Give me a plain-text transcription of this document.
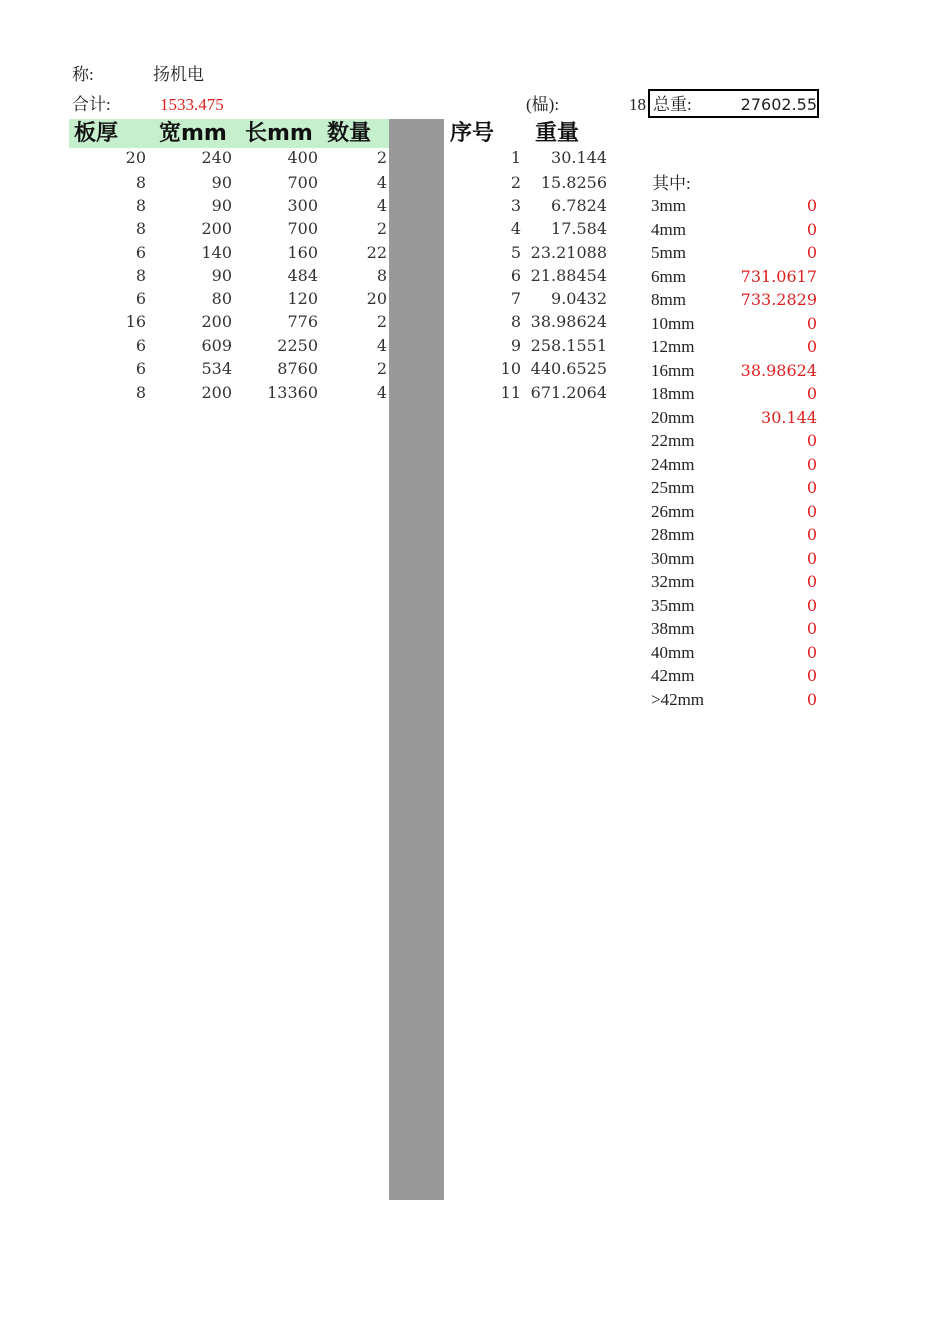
称:	扬机电
合计:	1533.475	(榀):	18 总重:	27602.55
板厚 宽mm 长mm 数量	序号 重量
20	240	400	2	1	30.144
8	90	700	4	2	15.8256
8	90	300	4	3	6.7824
8	200	700	2	4	17.584
6	140	160	22	5 23.21088
8	90	484	8	6 21.88454
6	80	120	20	7	9.0432
16	200	776	2	8 38.98624
6	609	2250	4	9 258.1551
6	534	8760	2	10 440.6525
8	200	13360	4	11 671.2064
其中:
3mm	0
4mm	0
5mm	0
6mm	731.0617
8mm	733.2829
10mm	0
12mm	0
16mm	38.98624
18mm	0
20mm	30.144
22mm	0
24mm	0
25mm	0
26mm	0
28mm	0
30mm	0
32mm	0
35mm	0
38mm	0
40mm	0
42mm	0
>42mm	0
